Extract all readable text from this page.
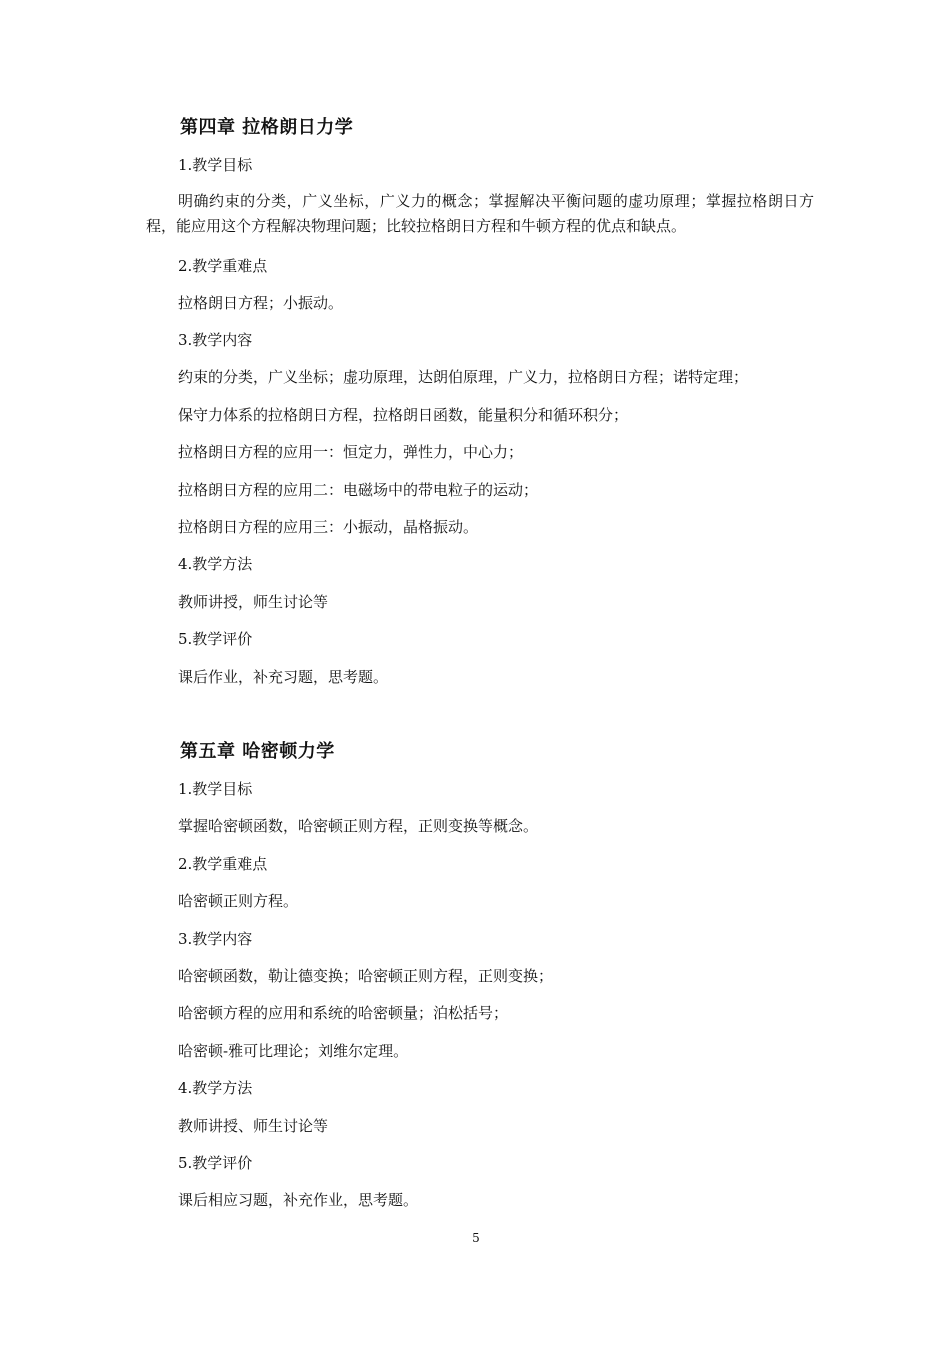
第四章 拉格朗日力学
1.教学目标
明确约束的分类，广义坐标，广义力的概念；掌握解决平衡问题的虚功原理；掌握拉格朗日方程，能应用这个方程解决物理问题；比较拉格朗日方程和牛顿方程的优点和缺点。
2.教学重难点
拉格朗日方程；小振动。
3.教学内容
约束的分类，广义坐标；虚功原理，达朗伯原理，广义力，拉格朗日方程；诺特定理；
保守力体系的拉格朗日方程，拉格朗日函数，能量积分和循环积分；
拉格朗日方程的应用一：恒定力，弹性力，中心力；
拉格朗日方程的应用二：电磁场中的带电粒子的运动；
拉格朗日方程的应用三：小振动，晶格振动。
4.教学方法
教师讲授，师生讨论等
5.教学评价
课后作业，补充习题，思考题。
第五章 哈密顿力学
1.教学目标
掌握哈密顿函数，哈密顿正则方程，正则变换等概念。
2.教学重难点
哈密顿正则方程。
3.教学内容
哈密顿函数，勒让德变换；哈密顿正则方程，正则变换；
哈密顿方程的应用和系统的哈密顿量；泊松括号；
哈密顿-雅可比理论；刘维尔定理。
4.教学方法
教师讲授、师生讨论等
5.教学评价
课后相应习题，补充作业，思考题。
5
